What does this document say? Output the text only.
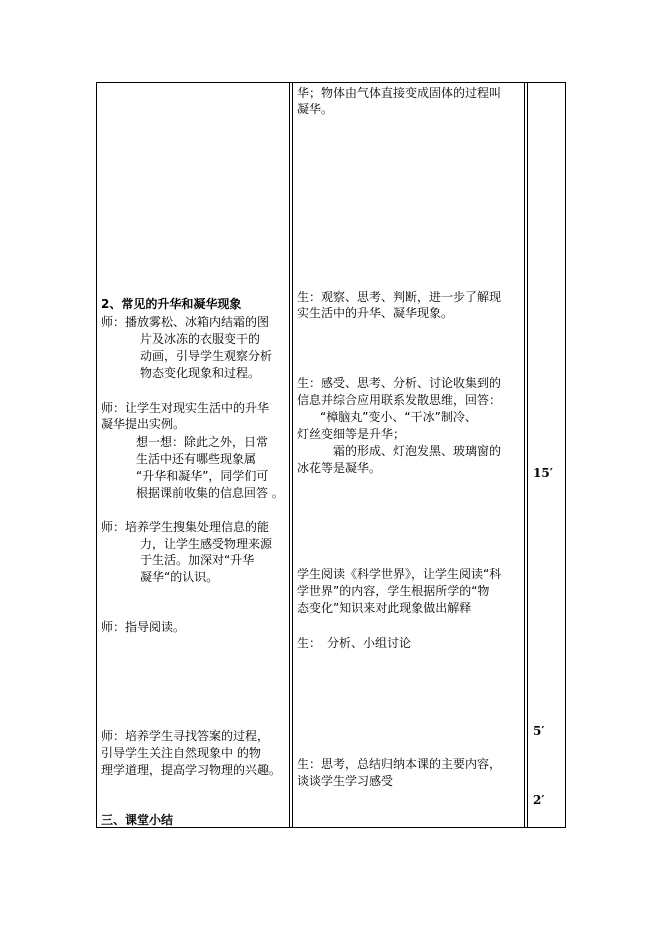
2、常见的升华和凝华现象
师：播放雾松、冰箱内结霜的图
片及冰冻的衣服变干的
动画，引导学生观察分析
物态变化现象和过程。
师：让学生对现实生活中的升华
凝华提出实例。
想一想：除此之外，日常
生活中还有哪些现象属
“升华和凝华”，同学们可
根据课前收集的信息回答 。
师：培养学生搜集处理信息的能
力，让学生感受物理来源
于生活。加深对“升华
凝华“的认识。
师：指导阅读。
师：培养学生寻找答案的过程，
引导学生关注自然现象中 的物
理学道理，提高学习物理的兴趣。
三、课堂小结
华；物体由气体直接变成固体的过程叫
凝华。
生：观察、思考、判断，进一步了解现
实生活中的升华、凝华现象。
生：感受、思考、分析、讨论收集到的
信息并综合应用联系发散思维，回答：
“樟脑丸”变小、“干冰”制冷、
灯丝变细等是升华；
霜的形成、灯泡发黑、玻璃窗的
冰花等是凝华。
学生阅读《科学世界》，让学生阅读“科
学世界”的内容，学生根据所学的“物
态变化”知识来对此现象做出解释
生：　分析、小组讨论
生：思考，总结归纳本课的主要内容，
谈谈学生学习感受
15′
5′
2′
